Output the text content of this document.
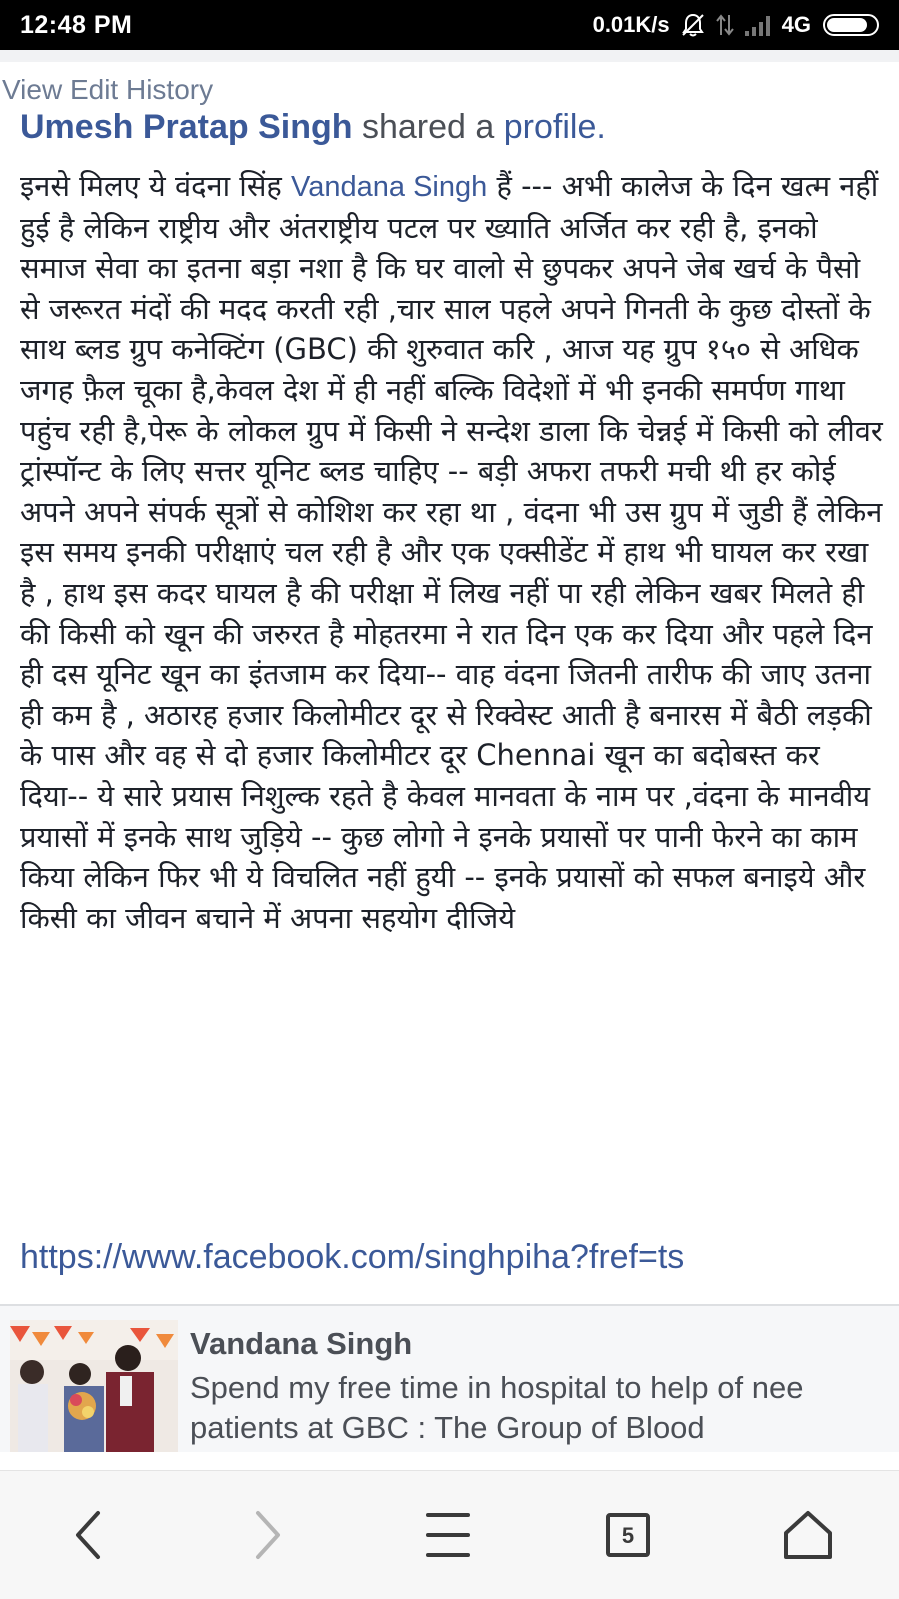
12:48 PM	0.01K/s	4G
View Edit History
Umesh Pratap Singh shared a profile.
इनसे मिलए ये वंदना सिंह Vandana Singh हैं --- अभी कालेज के दिन खत्म नहीं हुई है लेकिन राष्ट्रीय और अंतराष्ट्रीय पटल पर ख्याति अर्जित कर रही है, इनको समाज सेवा का इतना बड़ा नशा है कि घर वालो से छुपकर अपने जेब खर्च के पैसो से जरूरत मंदों की मदद करती रही ,चार साल पहले अपने गिनती के कुछ दोस्तों के साथ ब्लड ग्रुप कनेक्टिंग (GBC) की शुरुवात करि , आज यह ग्रुप १५० से अधिक जगह फ़ैल चूका है,केवल देश में ही नहीं बल्कि विदेशों में भी इनकी समर्पण गाथा पहुंच रही है,पेरू के लोकल ग्रुप में किसी ने सन्देश डाला कि चेन्नई में किसी को लीवर ट्रांस्पॉन्ट के लिए सत्तर यूनिट ब्लड चाहिए -- बड़ी अफरा तफरी मची थी हर कोई अपने अपने संपर्क सूत्रों से कोशिश कर रहा था , वंदना भी उस ग्रुप में जुडी हैं लेकिन इस समय इनकी परीक्षाएं चल रही है और एक एक्सीडेंट में हाथ भी घायल कर रखा है , हाथ इस कदर घायल है की परीक्षा में लिख नहीं पा रही लेकिन खबर मिलते ही की किसी को खून की जरुरत है मोहतरमा ने रात दिन एक कर दिया और पहले दिन ही दस यूनिट खून का इंतजाम कर दिया-- वाह वंदना जितनी तारीफ की जाए उतना ही कम है , अठारह हजार किलोमीटर दूर से रिक्वेस्ट आती है बनारस में बैठी लड़की के पास और वह से दो हजार किलोमीटर दूर Chennai खून का बदोबस्त कर दिया-- ये सारे प्रयास निशुल्क रहते है केवल मानवता के नाम पर ,वंदना के मानवीय प्रयासों में इनके साथ जुड़िये -- कुछ लोगो ने इनके प्रयासों पर पानी फेरने का काम किया लेकिन फिर भी ये विचलित नहीं हुयी -- इनके प्रयासों को सफल बनाइये और किसी का जीवन बचाने में अपना सहयोग दीजिये
https://www.facebook.com/singhpiha?fref=ts
Vandana Singh
Spend my free time in hospital to help of nee
patients at GBC : The Group of Blood
5
